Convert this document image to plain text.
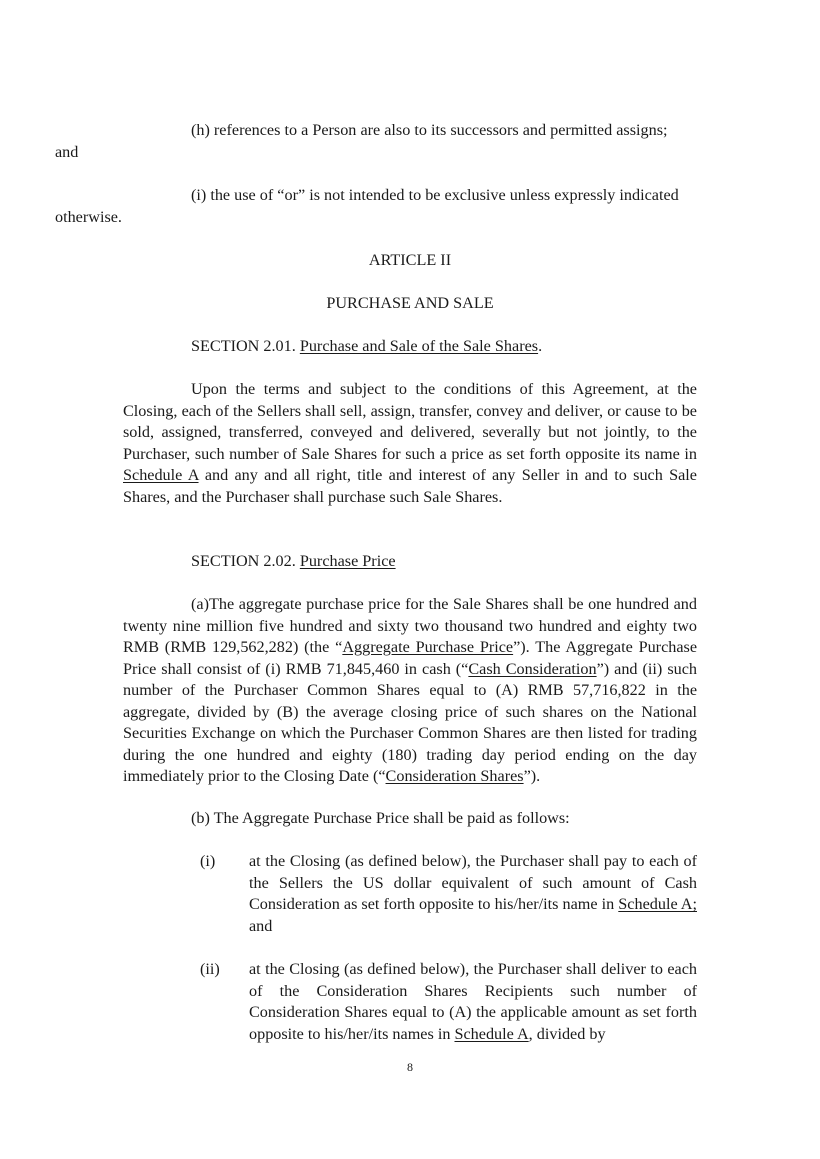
(h) references to a Person are also to its successors and permitted assigns;
and

(i) the use of “or” is not intended to be exclusive unless expressly indicated
otherwise.

ARTICLE II

PURCHASE AND SALE

SECTION 2.01. Purchase and Sale of the Sale Shares.

Upon the terms and subject to the conditions of this Agreement, at the Closing, each of the Sellers shall sell, assign, transfer, convey and deliver, or cause to be sold, assigned, transferred, conveyed and delivered, severally but not jointly, to the Purchaser, such number of Sale Shares for such a price as set forth opposite its name in Schedule A and any and all right, title and interest of any Seller in and to such Sale Shares, and the Purchaser shall purchase such Sale Shares.

SECTION 2.02. Purchase Price

(a)The aggregate purchase price for the Sale Shares shall be one hundred and twenty nine million five hundred and sixty two thousand two hundred and eighty two RMB (RMB 129,562,282) (the “Aggregate Purchase Price”). The Aggregate Purchase Price shall consist of (i) RMB 71,845,460 in cash (“Cash Consideration”) and (ii) such number of the Purchaser Common Shares equal to (A) RMB 57,716,822 in the aggregate, divided by (B) the average closing price of such shares on the National Securities Exchange on which the Purchaser Common Shares are then listed for trading during the one hundred and eighty (180) trading day period ending on the day immediately prior to the Closing Date (“Consideration Shares”).

(b) The Aggregate Purchase Price shall be paid as follows:

(i) at the Closing (as defined below), the Purchaser shall pay to each of the Sellers the US dollar equivalent of such amount of Cash Consideration as set forth opposite to his/her/its name in Schedule A; and

(ii) at the Closing (as defined below), the Purchaser shall deliver to each of the Consideration Shares Recipients such number of Consideration Shares equal to (A) the applicable amount as set forth opposite to his/her/its names in Schedule A, divided by

8
